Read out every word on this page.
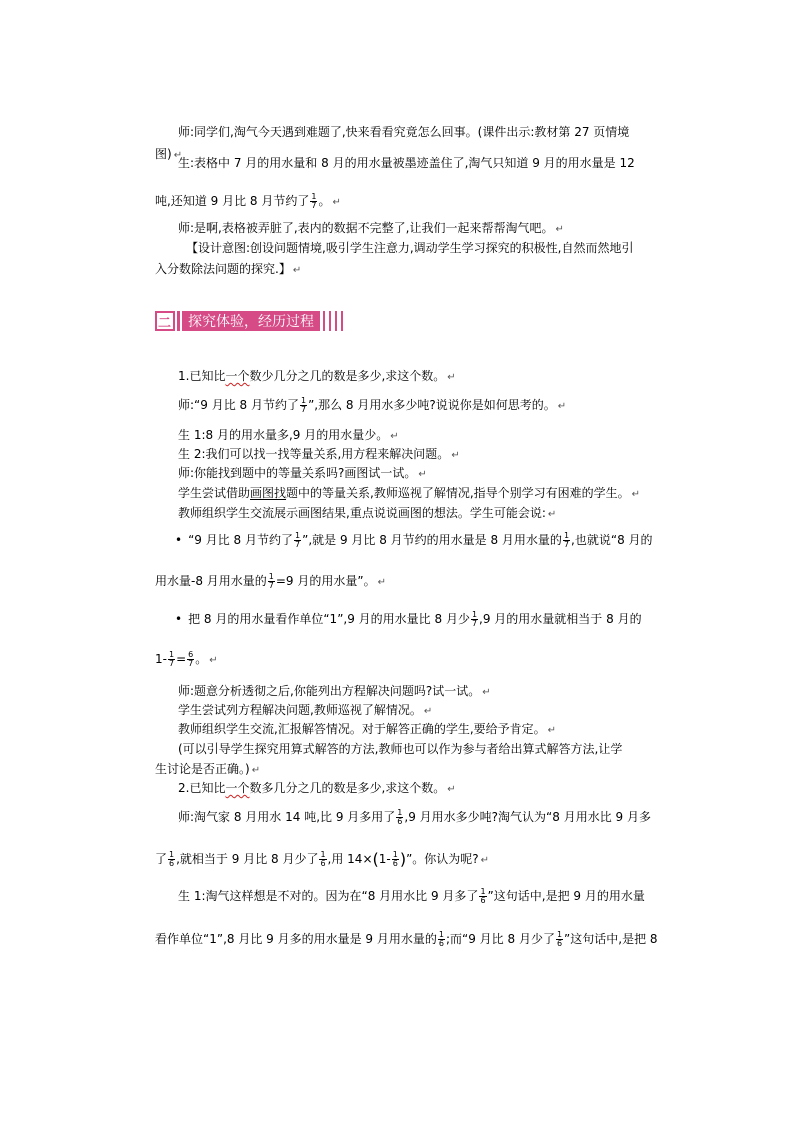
师:同学们,淘气今天遇到难题了,快来看看究竟怎么回事。(课件出示:教材第 27 页情境
图) ↵
生:表格中 7 月的用水量和 8 月的用水量被墨迹盖住了,淘气只知道 9 月的用水量是 12
吨,还知道 9 月比 8 月节约了 $\frac{1}{7}$ 。 ↵
师:是啊,表格被弄脏了,表内的数据不完整了,让我们一起来帮帮淘气吧。 ↵
【设计意图:创设问题情境,吸引学生注意力,调动学生学习探究的积极性,自然而然地引
入分数除法问题的探究.】 ↵
二 探究体验，经历过程
1.已知比一个数少几分之几的数是多少,求这个数。 ↵
师:“9 月比 8 月节约了 $\frac{1}{7}$ ”,那么 8 月用水多少吨?说说你是如何思考的。 ↵
生 1:8 月的用水量多,9 月的用水量少。 ↵
生 2:我们可以找一找等量关系,用方程来解决问题。 ↵
师:你能找到题中的等量关系吗?画图试一试。 ↵
学生尝试借助画图找题中的等量关系,教师巡视了解情况,指导个别学习有困难的学生。 ↵
教师组织学生交流展示画图结果,重点说说画图的想法。学生可能会说: ↵
• “9 月比 8 月节约了 $\frac{1}{7}$ ”,就是 9 月比 8 月节约的用水量是 8 月用水量的 $\frac{1}{7}$ ,也就说“8 月的
用水量-8 月用水量的 $\frac{1}{7} =9$ 月的用水量”。 ↵
• 把 8 月的用水量看作单位“1”,9 月的用水量比 8 月少 $\frac{1}{7} ,9$ 月的用水量就相当于 8 月的
$1- \frac{1}{7} = \frac{6}{7}$ 。 ↵
师:题意分析透彻之后,你能列出方程解决问题吗?试一试。 ↵
学生尝试列方程解决问题,教师巡视了解情况。 ↵
教师组织学生交流,汇报解答情况。对于解答正确的学生,要给予肯定。 ↵
(可以引导学生探究用算式解答的方法,教师也可以作为参与者给出算式解答方法,让学
生讨论是否正确。) ↵
2.已知比一个数多几分之几的数是多少,求这个数。 ↵
师:淘气家 8 月用水 14 吨,比 9 月多用了 $\frac{1}{6} ,9$ 月用水多少吨?淘气认为“8 月用水比 9 月多
了 $\frac{1}{6}$ ,就相当于 9 月比 8 月少了 $\frac{1}{6}$ ,用 $14\times(1- \frac{1}{6}$ )”。你认为呢? ↵
生 1:淘气这样想是不对的。因为在“8 月用水比 9 月多了 $\frac{1}{6}$ ”这句话中,是把 9 月的用水量
看作单位“1”,8 月比 9 月多的用水量是 9 月用水量的 $\frac{1}{6}$ ;而“9 月比 8 月少了 $\frac{1}{6}$ ”这句话中,是把 8
